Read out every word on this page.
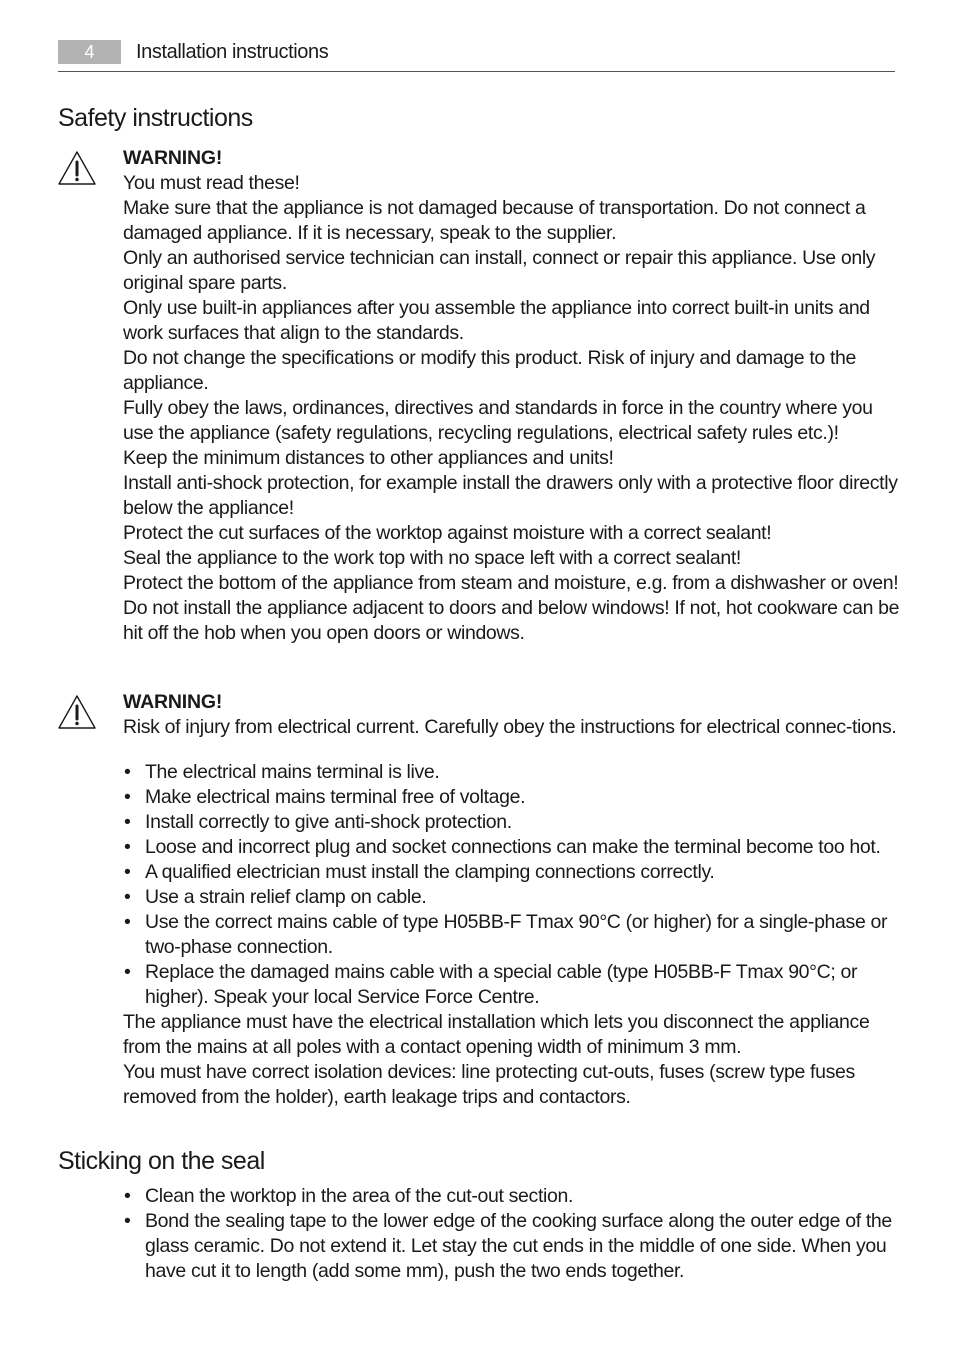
4	Installation instructions
Safety instructions

WARNING!

You must read these!

Make sure that the appliance is not damaged because of transportation. Do not connect a damaged appliance. If it is necessary, speak to the supplier.

Only an authorised service technician can install, connect or repair this appliance. Use only original spare parts.

Only use built-in appliances after you assemble the appliance into correct built-in units and work surfaces that align to the standards.

Do not change the specifications or modify this product. Risk of injury and damage to the appliance.

Fully obey the laws, ordinances, directives and standards in force in the country where you use the appliance (safety regulations, recycling regulations, electrical safety rules etc.)!

Keep the minimum distances to other appliances and units!

Install anti-shock protection, for example install the drawers only with a protective floor directly below the appliance!

Protect the cut surfaces of the worktop against moisture with a correct sealant!

Seal the appliance to the work top with no space left with a correct sealant!

Protect the bottom of the appliance from steam and moisture, e.g. from a dishwasher or oven!

Do not install the appliance adjacent to doors and below windows! If not, hot cookware can be hit off the hob when you open doors or windows.

WARNING!

Risk of injury from electrical current. Carefully obey the instructions for electrical connec-tions.

• The electrical mains terminal is live.
• Make electrical mains terminal free of voltage.
• Install correctly to give anti-shock protection.
• Loose and incorrect plug and socket connections can make the terminal become too hot.
• A qualified electrician must install the clamping connections correctly.
• Use a strain relief clamp on cable.
• Use the correct mains cable of type H05BB-F Tmax 90°C (or higher) for a single-phase or two-phase connection.
• Replace the damaged mains cable with a special cable (type H05BB-F Tmax 90°C; or higher). Speak your local Service Force Centre.

The appliance must have the electrical installation which lets you disconnect the appliance from the mains at all poles with a contact opening width of minimum 3 mm.

You must have correct isolation devices: line protecting cut-outs, fuses (screw type fuses removed from the holder), earth leakage trips and contactors.

Sticking on the seal
• Clean the worktop in the area of the cut-out section.
• Bond the sealing tape to the lower edge of the cooking surface along the outer edge of the glass ceramic. Do not extend it. Let stay the cut ends in the middle of one side. When you have cut it to length (add some mm), push the two ends together.
